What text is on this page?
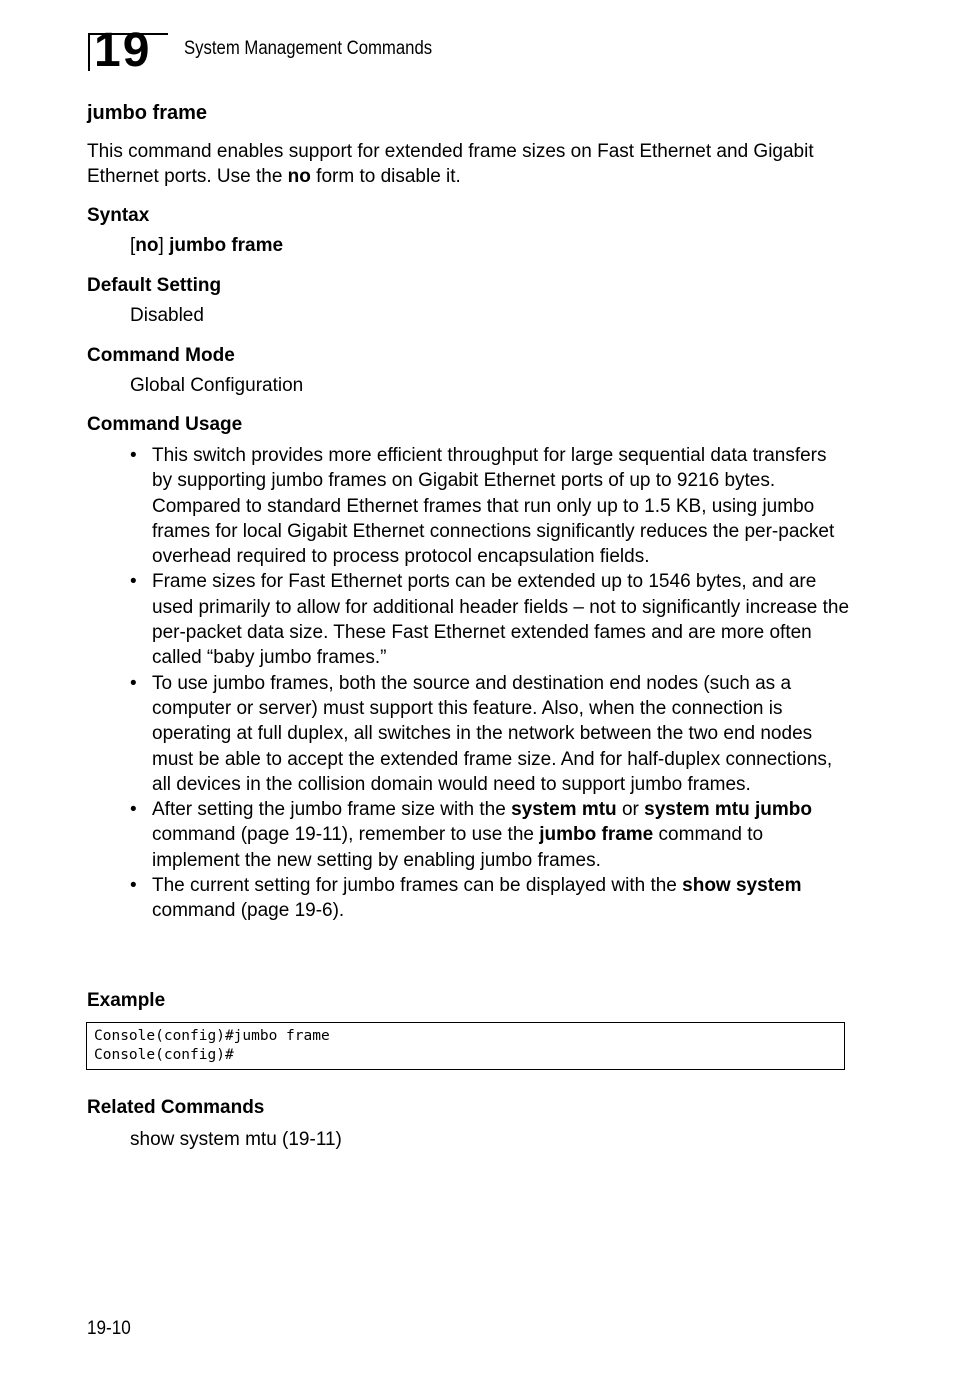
19 System Management Commands
jumbo frame

This command enables support for extended frame sizes on Fast Ethernet and Gigabit Ethernet ports. Use the no form to disable it.

Syntax
[no] jumbo frame
Default Setting
Disabled
Command Mode
Global Configuration
Command Usage
• This switch provides more efficient throughput for large sequential data transfers by supporting jumbo frames on Gigabit Ethernet ports of up to 9216 bytes. Compared to standard Ethernet frames that run only up to 1.5 KB, using jumbo frames for local Gigabit Ethernet connections significantly reduces the per-packet overhead required to process protocol encapsulation fields.
• Frame sizes for Fast Ethernet ports can be extended up to 1546 bytes, and are used primarily to allow for additional header fields – not to significantly increase the per-packet data size. These Fast Ethernet extended fames and are more often called “baby jumbo frames.”
• To use jumbo frames, both the source and destination end nodes (such as a computer or server) must support this feature. Also, when the connection is operating at full duplex, all switches in the network between the two end nodes must be able to accept the extended frame size. And for half-duplex connections, all devices in the collision domain would need to support jumbo frames.
• After setting the jumbo frame size with the system mtu or system mtu jumbo command (page 19-11), remember to use the jumbo frame command to implement the new setting by enabling jumbo frames.
• The current setting for jumbo frames can be displayed with the show system command (page 19-6).
Example
Console(config)#jumbo frame
Console(config)#
Related Commands
show system mtu (19-11)
19-10
